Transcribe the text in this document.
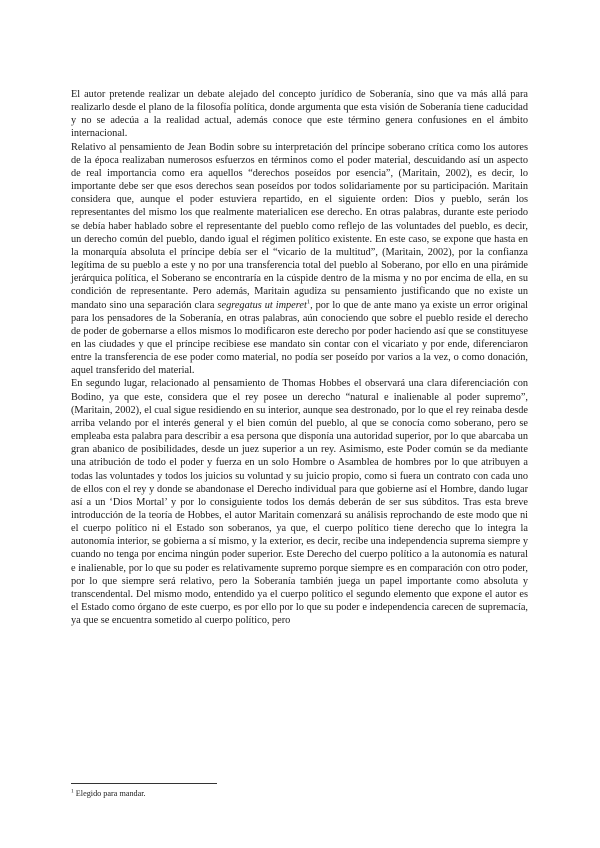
El autor pretende realizar un debate alejado del concepto jurídico de Soberanía, sino que va más allá para realizarlo desde el plano de la filosofía política, donde argumenta que esta visión de Soberanía tiene caducidad y no se adecúa a la realidad actual, además conoce que este término genera confusiones en el ámbito internacional.

Relativo al pensamiento de Jean Bodin sobre su interpretación del príncipe soberano crítica como los autores de la época realizaban numerosos esfuerzos en términos como el poder material, descuidando así un aspecto de real importancia como era aquellos “derechos poseídos por esencia”, (Maritain, 2002), es decir, lo importante debe ser que esos derechos sean poseídos por todos solidariamente por su participación. Maritain considera que, aunque el poder estuviera repartido, en el siguiente orden: Dios y pueblo, serán los representantes del mismo los que realmente materialicen ese derecho. En otras palabras, durante este periodo se debía haber hablado sobre el representante del pueblo como reflejo de las voluntades del pueblo, es decir, un derecho común del pueblo, dando igual el régimen político existente. En este caso, se expone que hasta en la monarquía absoluta el príncipe debía ser el “vicario de la multitud”, (Maritain, 2002), por la confianza legítima de su pueblo a este y no por una transferencia total del pueblo al Soberano, por ello en una pirámide jerárquica política, el Soberano se encontraría en la cúspide dentro de la misma y no por encima de ella, en su condición de representante. Pero además, Maritain agudiza su pensamiento justificando que no existe un mandato sino una separación clara segregatus ut imperet$^1$, por lo que de ante mano ya existe un error original para los pensadores de la Soberanía, en otras palabras, aún conociendo que sobre el pueblo reside el derecho de poder de gobernarse a ellos mismos lo modificaron este derecho por poder haciendo así que se constituyese en las ciudades y que el príncipe recibiese ese mandato sin contar con el vicariato y por ende, diferenciaron entre la transferencia de ese poder como material, no podía ser poseído por varios a la vez, o como donación, aquel transferido del material.

En segundo lugar, relacionado al pensamiento de Thomas Hobbes el observará una clara diferenciación con Bodino, ya que este, considera que el rey posee un derecho “natural e inalienable al poder supremo”, (Maritain, 2002), el cual sigue residiendo en su interior, aunque sea destronado, por lo que el rey reinaba desde arriba velando por el interés general y el bien común del pueblo, al que se conocía como soberano, pero se empleaba esta palabra para describir a esa persona que disponía una autoridad superior, por lo que abarcaba un gran abanico de posibilidades, desde un juez superior a un rey. Asimismo, este Poder común se da mediante una atribución de todo el poder y fuerza en un solo Hombre o Asamblea de hombres por lo que atribuyen a todas las voluntades y todos los juicios su voluntad y su juicio propio, como si fuera un contrato con cada uno de ellos con el rey y donde se abandonase el Derecho individual para que gobierne así el Hombre, dando lugar así a un ‘Dios Mortal’ y por lo consiguiente todos los demás deberán de ser sus súbditos. Tras esta breve introducción de la teoría de Hobbes, el autor Maritain comenzará su análisis reprochando de este modo que ni el cuerpo político ni el Estado son soberanos, ya que, el cuerpo político tiene derecho que lo integra la autonomía interior, se gobierna a sí mismo, y la exterior, es decir, recibe una independencia suprema siempre y cuando no tenga por encima ningún poder superior. Este Derecho del cuerpo político a la autonomía es natural e inalienable, por lo que su poder es relativamente supremo porque siempre es en comparación con otro poder, por lo que siempre será relativo, pero la Soberanía también juega un papel importante como absoluta y transcendental. Del mismo modo, entendido ya el cuerpo político el segundo elemento que expone el autor es el Estado como órgano de este cuerpo, es por ello por lo que su poder e independencia carecen de supremacía, ya que se encuentra sometido al cuerpo político, pero

$^1$ Elegido para mandar.
